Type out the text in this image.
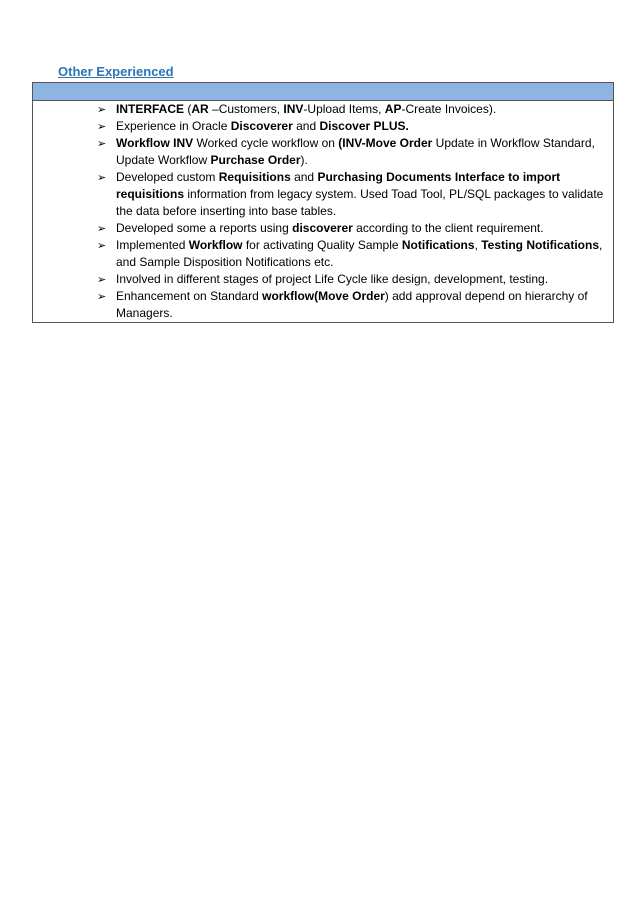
Other Experienced
➢ INTERFACE (AR –Customers, INV-Upload Items, AP-Create Invoices).
➢ Experience in Oracle Discoverer and Discover PLUS.
➢ Workflow INV Worked cycle workflow on (INV-Move Order Update in Workflow Standard, Update Workflow Purchase Order).
➢ Developed custom Requisitions and Purchasing Documents Interface to import requisitions information from legacy system. Used Toad Tool, PL/SQL packages to validate the data before inserting into base tables.
➢ Developed some a reports using discoverer according to the client requirement.
➢ Implemented Workflow for activating Quality Sample Notifications, Testing Notifications, and Sample Disposition Notifications etc.
➢ Involved in different stages of project Life Cycle like design, development, testing.
➢ Enhancement on Standard workflow(Move Order) add approval depend on hierarchy of Managers.
